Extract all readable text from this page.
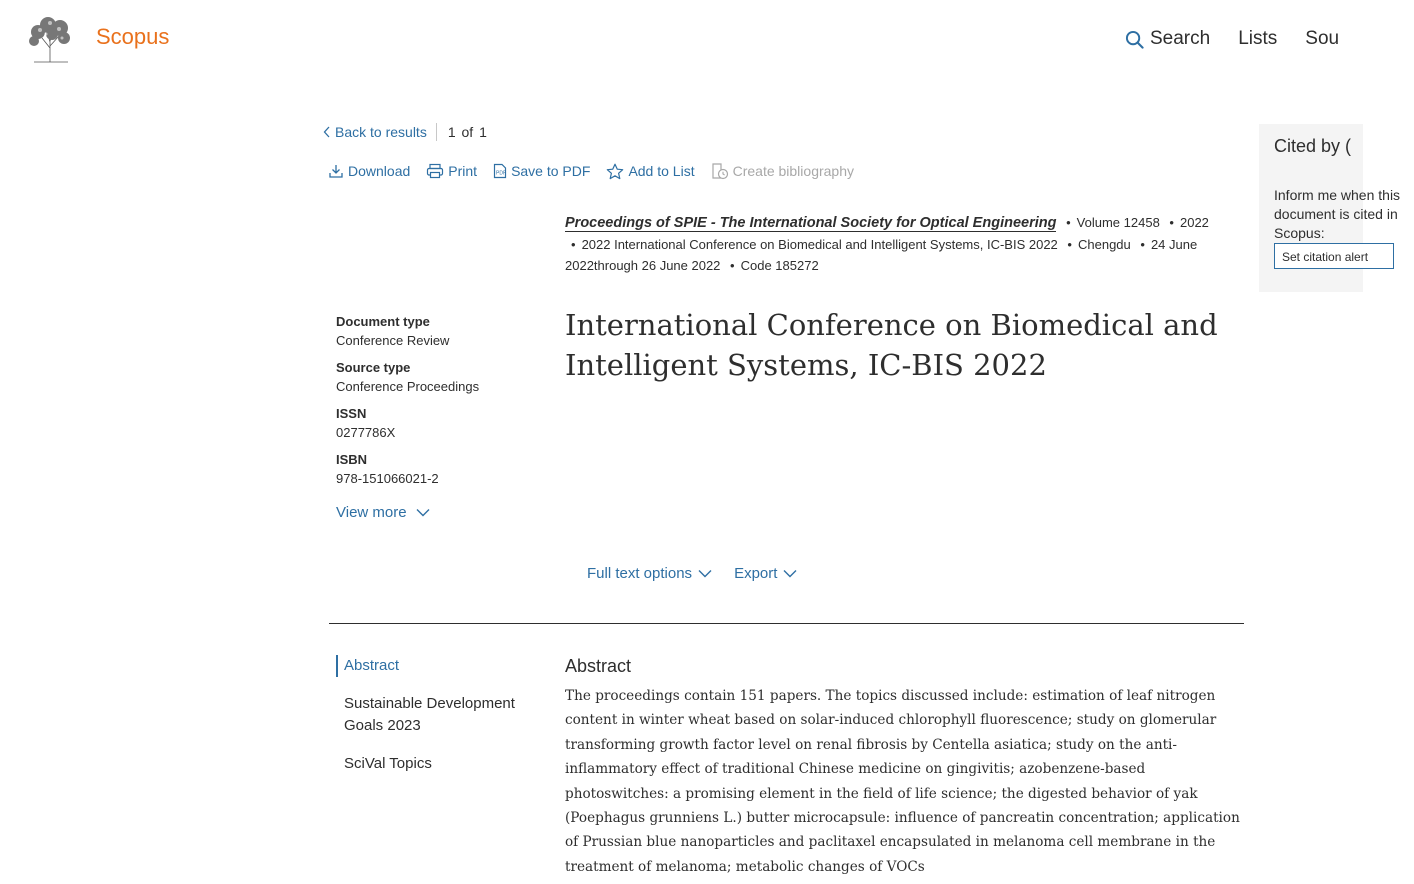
Scopus	Search Lists Sou
Back to results 1 of 1
Download	Print	PDF Save to PDF	Add to List	Create bibliography
Cited by (
Inform me when this document is cited in Scopus:
Set citation alert
Proceedings of SPIE - The International Society for Optical Engineering • Volume 12458 • 2022 • 2022 International Conference on Biomedical and Intelligent Systems, IC-BIS 2022 • Chengdu • 24 June 2022through 26 June 2022 • Code 185272
Document type
Conference Review
Source type
Conference Proceedings
ISSN
0277786X
ISBN
978-151066021-2
View more
International Conference on Biomedical and Intelligent Systems, IC-BIS 2022
Full text options	Export
Abstract
Sustainable Development Goals 2023
SciVal Topics
Abstract
The proceedings contain 151 papers. The topics discussed include: estimation of leaf nitrogen content in winter wheat based on solar-induced chlorophyll fluorescence; study on glomerular transforming growth factor level on renal fibrosis by Centella asiatica; study on the anti-inflammatory effect of traditional Chinese medicine on gingivitis; azobenzene-based photoswitches: a promising element in the field of life science; the digested behavior of yak (Poephagus grunniens L.) butter microcapsule: influence of pancreatin concentration; application of Prussian blue nanoparticles and paclitaxel encapsulated in melanoma cell membrane in the treatment of melanoma; metabolic changes of VOCs
